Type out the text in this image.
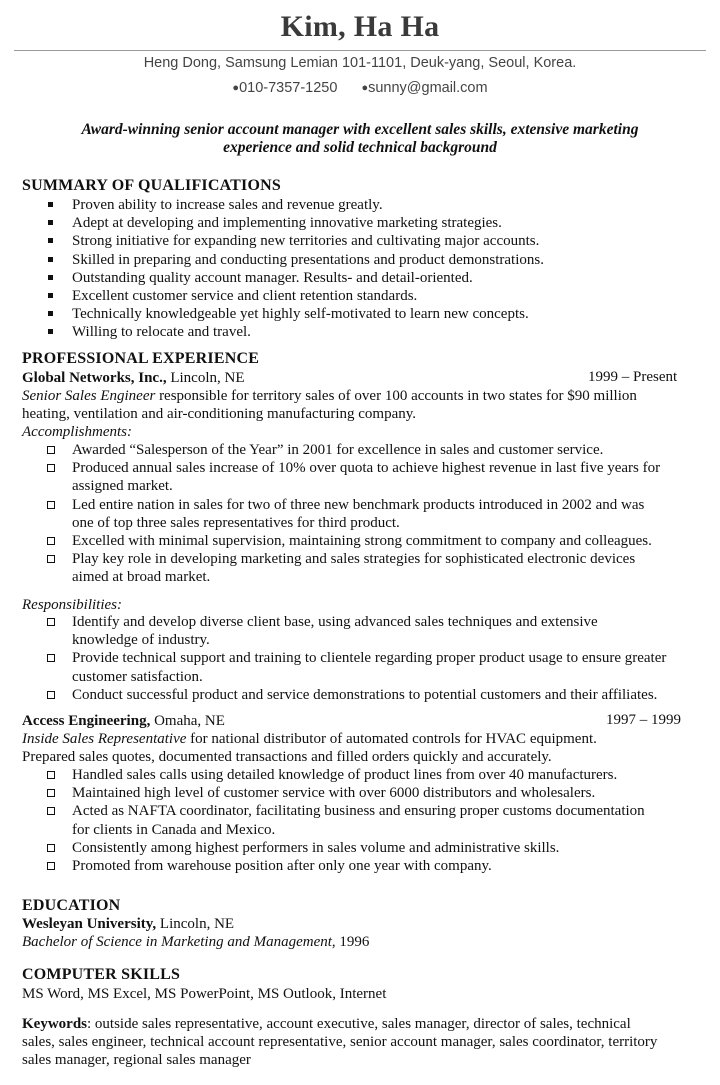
Kim, Ha Ha
Heng Dong, Samsung Lemian 101-1101, Deuk-yang, Seoul, Korea.
●010-7357-1250 ●sunny@gmail.com
Award-winning senior account manager with excellent sales skills, extensive marketing
experience and solid technical background
SUMMARY OF QUALIFICATIONS
Proven ability to increase sales and revenue greatly.
Adept at developing and implementing innovative marketing strategies.
Strong initiative for expanding new territories and cultivating major accounts.
Skilled in preparing and conducting presentations and product demonstrations.
Outstanding quality account manager. Results- and detail-oriented.
Excellent customer service and client retention standards.
Technically knowledgeable yet highly self-motivated to learn new concepts.
Willing to relocate and travel.
PROFESSIONAL EXPERIENCE
Global Networks, Inc., Lincoln, NE	1999 – Present
Senior Sales Engineer responsible for territory sales of over 100 accounts in two states for $90 million
heating, ventilation and air-conditioning manufacturing company.
Accomplishments:
Awarded “Salesperson of the Year” in 2001 for excellence in sales and customer service.
Produced annual sales increase of 10% over quota to achieve highest revenue in last five years for
assigned market.
Led entire nation in sales for two of three new benchmark products introduced in 2002 and was
one of top three sales representatives for third product.
Excelled with minimal supervision, maintaining strong commitment to company and colleagues.
Play key role in developing marketing and sales strategies for sophisticated electronic devices
aimed at broad market.
Responsibilities:
Identify and develop diverse client base, using advanced sales techniques and extensive
knowledge of industry.
Provide technical support and training to clientele regarding proper product usage to ensure greater
customer satisfaction.
Conduct successful product and service demonstrations to potential customers and their affiliates.
Access Engineering, Omaha, NE	1997 – 1999
Inside Sales Representative for national distributor of automated controls for HVAC equipment.
Prepared sales quotes, documented transactions and filled orders quickly and accurately.
Handled sales calls using detailed knowledge of product lines from over 40 manufacturers.
Maintained high level of customer service with over 6000 distributors and wholesalers.
Acted as NAFTA coordinator, facilitating business and ensuring proper customs documentation
for clients in Canada and Mexico.
Consistently among highest performers in sales volume and administrative skills.
Promoted from warehouse position after only one year with company.
EDUCATION
Wesleyan University, Lincoln, NE
Bachelor of Science in Marketing and Management, 1996
COMPUTER SKILLS
MS Word, MS Excel, MS PowerPoint, MS Outlook, Internet
Keywords: outside sales representative, account executive, sales manager, director of sales, technical
sales, sales engineer, technical account representative, senior account manager, sales coordinator, territory
sales manager, regional sales manager
